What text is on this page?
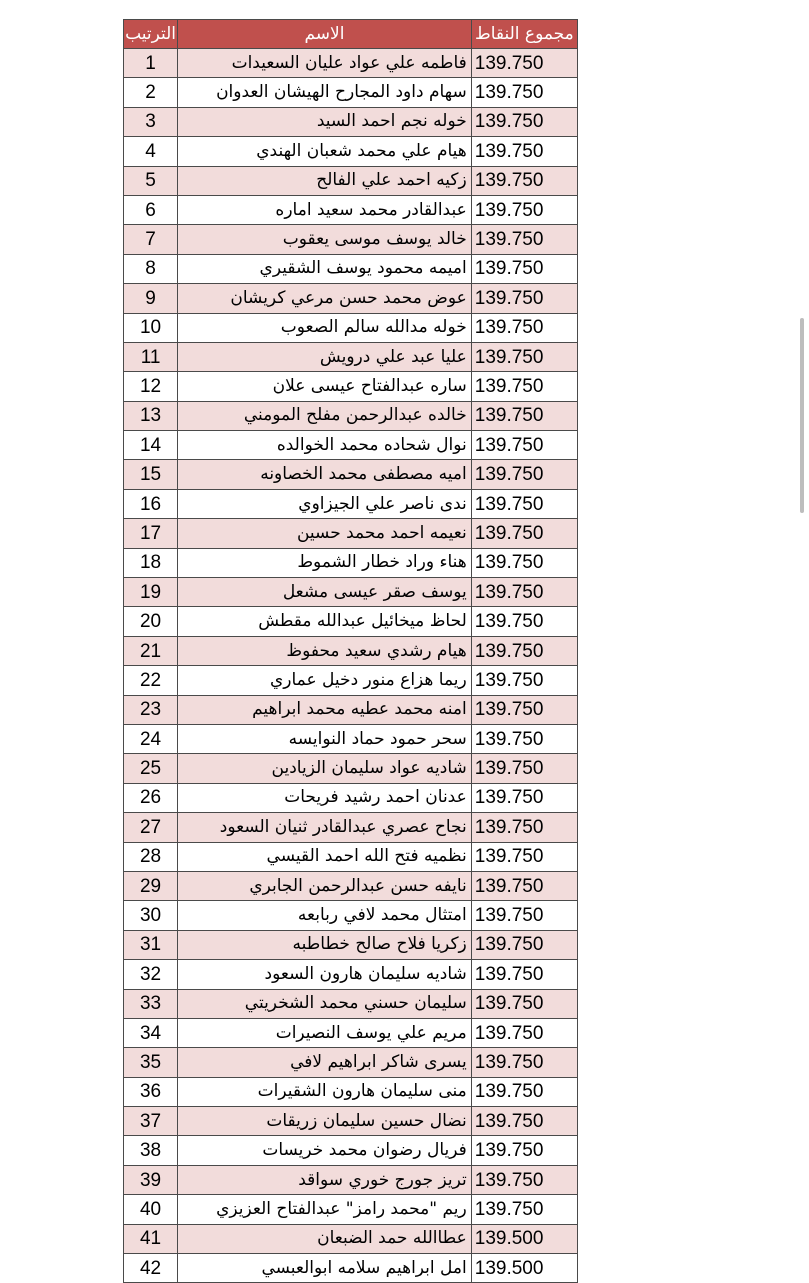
الترتيب	الاسم	مجموع النقاط
1	فاطمه علي عواد عليان السعيدات	139.750
2	سهام داود المجارح الهيشان العدوان	139.750
3	خوله نجم احمد السيد	139.750
4	هيام علي محمد شعبان الهندي	139.750
5	زكيه احمد علي الفالح	139.750
6	عبدالقادر محمد سعيد اماره	139.750
7	خالد يوسف موسى يعقوب	139.750
8	اميمه محمود يوسف الشقيري	139.750
9	عوض محمد حسن مرعي كريشان	139.750
10	خوله مدالله سالم الصعوب	139.750
11	عليا عبد علي درويش	139.750
12	ساره عبدالفتاح عيسى علان	139.750
13	خالده عبدالرحمن مفلح المومني	139.750
14	نوال شحاده محمد الخوالده	139.750
15	اميه مصطفى محمد الخصاونه	139.750
16	ندى ناصر علي الجيزاوي	139.750
17	نعيمه احمد محمد حسين	139.750
18	هناء وراد خطار الشموط	139.750
19	يوسف صقر عيسى مشعل	139.750
20	لحاظ ميخائيل عبدالله مقطش	139.750
21	هيام رشدي سعيد محفوظ	139.750
22	ريما هزاع منور دخيل عماري	139.750
23	امنه محمد عطيه محمد ابراهيم	139.750
24	سحر حمود حماد النوايسه	139.750
25	شاديه عواد سليمان الزيادين	139.750
26	عدنان احمد رشيد فريحات	139.750
27	نجاح عصري عبدالقادر ثنيان السعود	139.750
28	نظميه فتح الله احمد القيسي	139.750
29	نايفه حسن عبدالرحمن الجابري	139.750
30	امتثال محمد لافي ربابعه	139.750
31	زكريا فلاح صالح خطاطبه	139.750
32	شاديه سليمان هارون السعود	139.750
33	سليمان حسني محمد الشخريتي	139.750
34	مريم علي يوسف النصيرات	139.750
35	يسرى شاكر ابراهيم لافي	139.750
36	منى سليمان هارون الشقيرات	139.750
37	نضال حسين سليمان زريقات	139.750
38	فريال رضوان محمد خريسات	139.750
39	تريز جورج خوري سواقد	139.750
40	ريم "محمد رامز" عبدالفتاح العزيزي	139.750
41	عطاالله حمد الضبعان	139.500
42	امل ابراهيم سلامه ابوالعبسي	139.500
